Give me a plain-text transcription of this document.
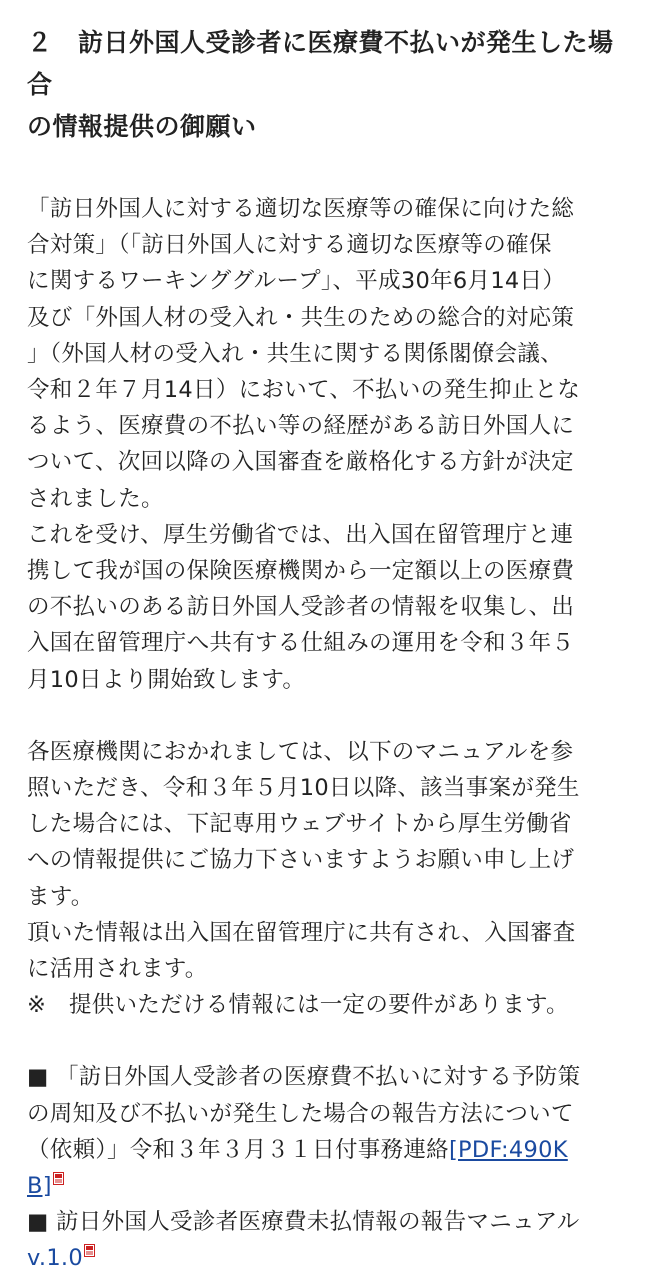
２　訪日外国人受診者に医療費不払いが発生した場合
の情報提供の御願い

「訪日外国人に対する適切な医療等の確保に向けた総
合対策」（「訪日外国人に対する適切な医療等の確保
に関するワーキンググループ」、平成30年6月14日）
及び「外国人材の受入れ・共生のための総合的対応策
」（外国人材の受入れ・共生に関する関係閣僚会議、
令和２年７月14日）において、不払いの発生抑止とな
るよう、医療費の不払い等の経歴がある訪日外国人に
ついて、次回以降の入国審査を厳格化する方針が決定
されました。
これを受け、厚生労働省では、出入国在留管理庁と連
携して我が国の保険医療機関から一定額以上の医療費
の不払いのある訪日外国人受診者の情報を収集し、出
入国在留管理庁へ共有する仕組みの運用を令和３年５
月10日より開始致します。

各医療機関におかれましては、以下のマニュアルを参
照いただき、令和３年５月10日以降、該当事案が発生
した場合には、下記専用ウェブサイトから厚生労働省
への情報提供にご協力下さいますようお願い申し上げ
ます。
頂いた情報は出入国在留管理庁に共有され、入国審査
に活用されます。
※　提供いただける情報には一定の要件があります。

■ 「訪日外国人受診者の医療費不払いに対する予防策
の周知及び不払いが発生した場合の報告方法について
（依頼）」令和３年３月３１日付事務連絡[PDF:490K
B]
■ 訪日外国人受診者医療費未払情報の報告マニュアル
v.1.0
